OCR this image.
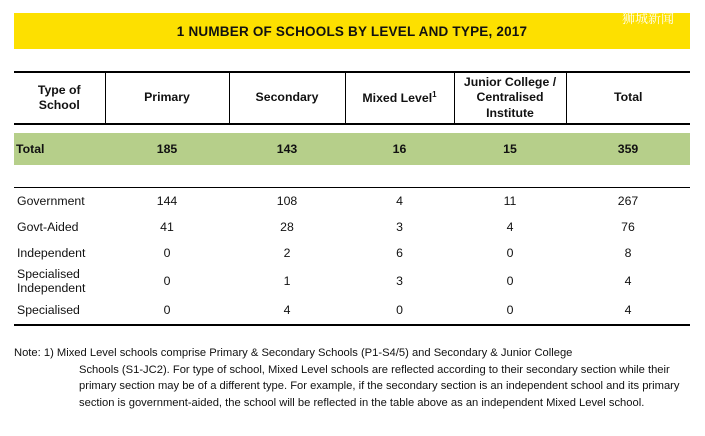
1 NUMBER OF SCHOOLS BY LEVEL AND TYPE, 2017
狮城新闻
Type of School	Primary	Secondary	Mixed Level$^1$	Junior College / Centralised Institute	Total

Total	185	143	16	15	359

Government	144	108	4	11	267
Govt-Aided	41	28	3	4	76
Independent	0	2	6	0	8
Specialised Independent	0	1	3	0	4
Specialised	0	4	0	0	4
Note: 1) Mixed Level schools comprise Primary & Secondary Schools (P1-S4/5) and Secondary & Junior College
Schools (S1-JC2). For type of school, Mixed Level schools are reflected according to their secondary section while their primary section may be of a different type. For example, if the secondary section is an independent school and its primary section is government-aided, the school will be reflected in the table above as an independent Mixed Level school.
